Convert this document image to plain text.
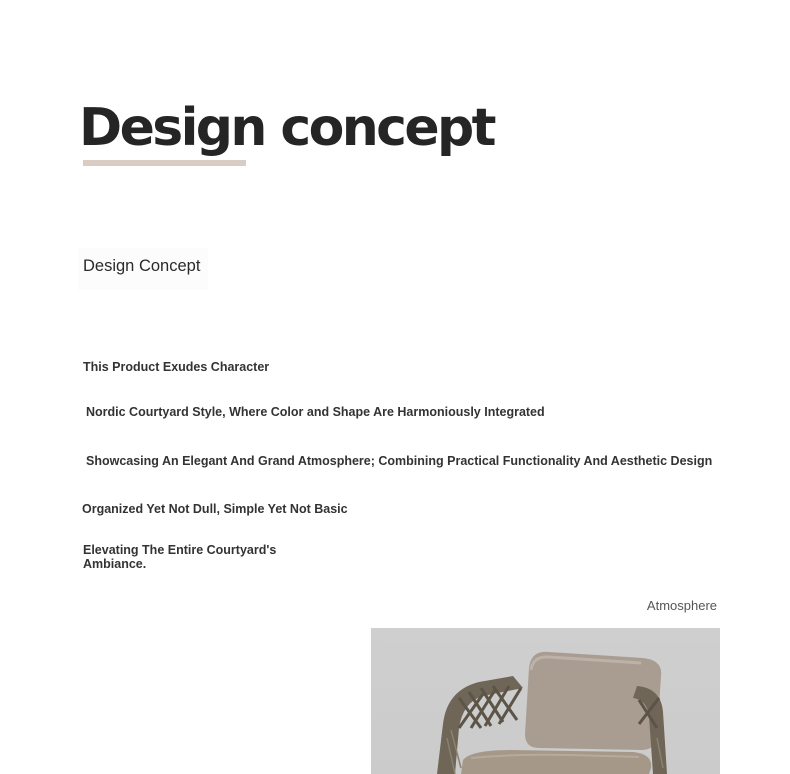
Design concept
Design Concept
This Product Exudes Character
Nordic Courtyard Style, Where Color and Shape Are Harmoniously Integrated
Showcasing An Elegant And Grand Atmosphere; Combining Practical Functionality And Aesthetic Design
Organized Yet Not Dull, Simple Yet Not Basic
Elevating The Entire Courtyard's Ambiance.
Atmosphere
